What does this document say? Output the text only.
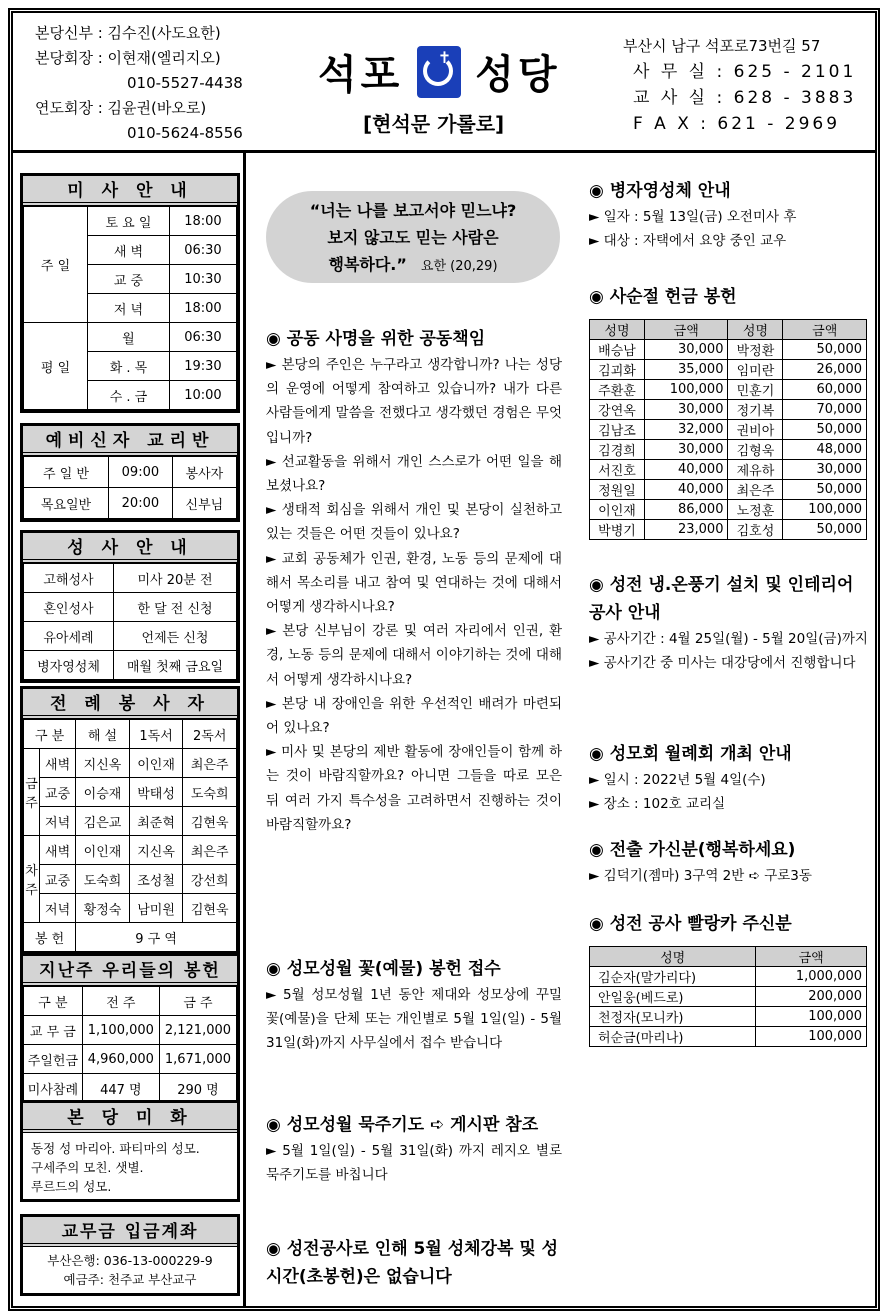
본당신부 : 김수진(사도요한)
본당회장 : 이현재(엘리지오)
010-5527-4438
연도회장 : 김윤권(바오로)
010-5624-8556
석포 ✝ 성당
[현석문 가롤로]
부산시 남구 석포로73번길 57
사 무 실 : 625 - 2101
교 사 실 : 628 - 3883
F A X : 621 - 2969
미 사 안 내
주 일	토 요 일	18:00
	새 벽	06:30
	교 중	10:30
	저 녁	18:00
평 일	월	06:30
	화 . 목	19:30
	수 . 금	10:00
예비신자 교리반
주 일 반	09:00	봉사자
목요일반	20:00	신부님
성 사 안 내
고해성사	미사 20분 전
혼인성사	한 달 전 신청
유아세례	언제든 신청
병자영성체	매월 첫째 금요일
전 례 봉 사 자
구 분		해 설	1독서	2독서
금주	새벽	지신옥	이인재	최은주
	교중	이승재	박태성	도숙희
	저녁	김은교	최준혁	김현욱
차주	새벽	이인재	지신옥	최은주
	교중	도숙희	조성철	강선희
	저녁	황정숙	남미원	김현욱
봉 헌		9 구 역		
지난주 우리들의 봉헌
구 분	전 주	금 주
교 무 금	1,100,000	2,121,000
주일헌금	4,960,000	1,671,000
미사참례	447 명	290 명
본 당 미 화
동정 성 마리아. 파티마의 성모.
구세주의 모친. 샛별.
루르드의 성모.
교무금 입금계좌
부산은행: 036-13-000229-9
예금주: 천주교 부산교구
“너는 나를 보고서야 믿느냐?
보지 않고도 믿는 사람은
행복하다.” 요한 (20,29)
◉ 공동 사명을 위한 공동책임
► 본당의 주인은 누구라고 생각합니까? 나는 성당의 운영에 어떻게 참여하고 있습니까? 내가 다른 사람들에게 말씀을 전했다고 생각했던 경험은 무엇입니까?
► 선교활동을 위해서 개인 스스로가 어떤 일을 해보셨나요?
► 생태적 회심을 위해서 개인 및 본당이 실천하고 있는 것들은 어떤 것들이 있나요?
► 교회 공동체가 인권, 환경, 노동 등의 문제에 대해서 목소리를 내고 참여 및 연대하는 것에 대해서 어떻게 생각하시나요?
► 본당 신부님이 강론 및 여러 자리에서 인권, 환경, 노동 등의 문제에 대해서 이야기하는 것에 대해서 어떻게 생각하시나요?
► 본당 내 장애인을 위한 우선적인 배려가 마련되어 있나요?
► 미사 및 본당의 제반 활동에 장애인들이 함께 하는 것이 바람직할까요? 아니면 그들을 따로 모은 뒤 여러 가지 특수성을 고려하면서 진행하는 것이 바람직할까요?
◉ 성모성월 꽃(예물) 봉헌 접수
► 5월 성모성월 1년 동안 제대와 성모상에 꾸밀 꽃(예물)을 단체 또는 개인별로 5월 1일(일) - 5월 31일(화)까지 사무실에서 접수 받습니다
◉ 성모성월 묵주기도 ➪ 게시판 참조
► 5월 1일(일) - 5월 31일(화) 까지 레지오 별로 묵주기도를 바칩니다
◉ 성전공사로 인해 5월 성체강복 및 성시간(초봉헌)은 없습니다
◉ 병자영성체 안내
► 일자 : 5월 13일(금) 오전미사 후
► 대상 : 자택에서 요양 중인 교우
◉ 사순절 헌금 봉헌
성명	금액	성명	금액
배승남	30,000	박정환	50,000
김괴화	35,000	임미란	26,000
주환훈	100,000	민훈기	60,000
강연옥	30,000	정기복	70,000
김남조	32,000	권비아	50,000
김경희	30,000	김형욱	48,000
서진호	40,000	제유하	30,000
정원일	40,000	최은주	50,000
이인재	86,000	노정훈	100,000
박병기	23,000	김호성	50,000
◉ 성전 냉.온풍기 설치 및 인테리어 공사 안내
► 공사기간 : 4월 25일(월) - 5월 20일(금)까지
► 공사기간 중 미사는 대강당에서 진행합니다
◉ 성모회 월례회 개최 안내
► 일시 : 2022년 5월 4일(수)
► 장소 : 102호 교리실
◉ 전출 가신분(행복하세요)
► 김덕기(젬마) 3구역 2반 ➪ 구로3동
◉ 성전 공사 빨랑카 주신분
성명	금액
김순자(말가리다)	1,000,000
안일웅(베드로)	200,000
천정자(모니카)	100,000
허순금(마리나)	100,000
